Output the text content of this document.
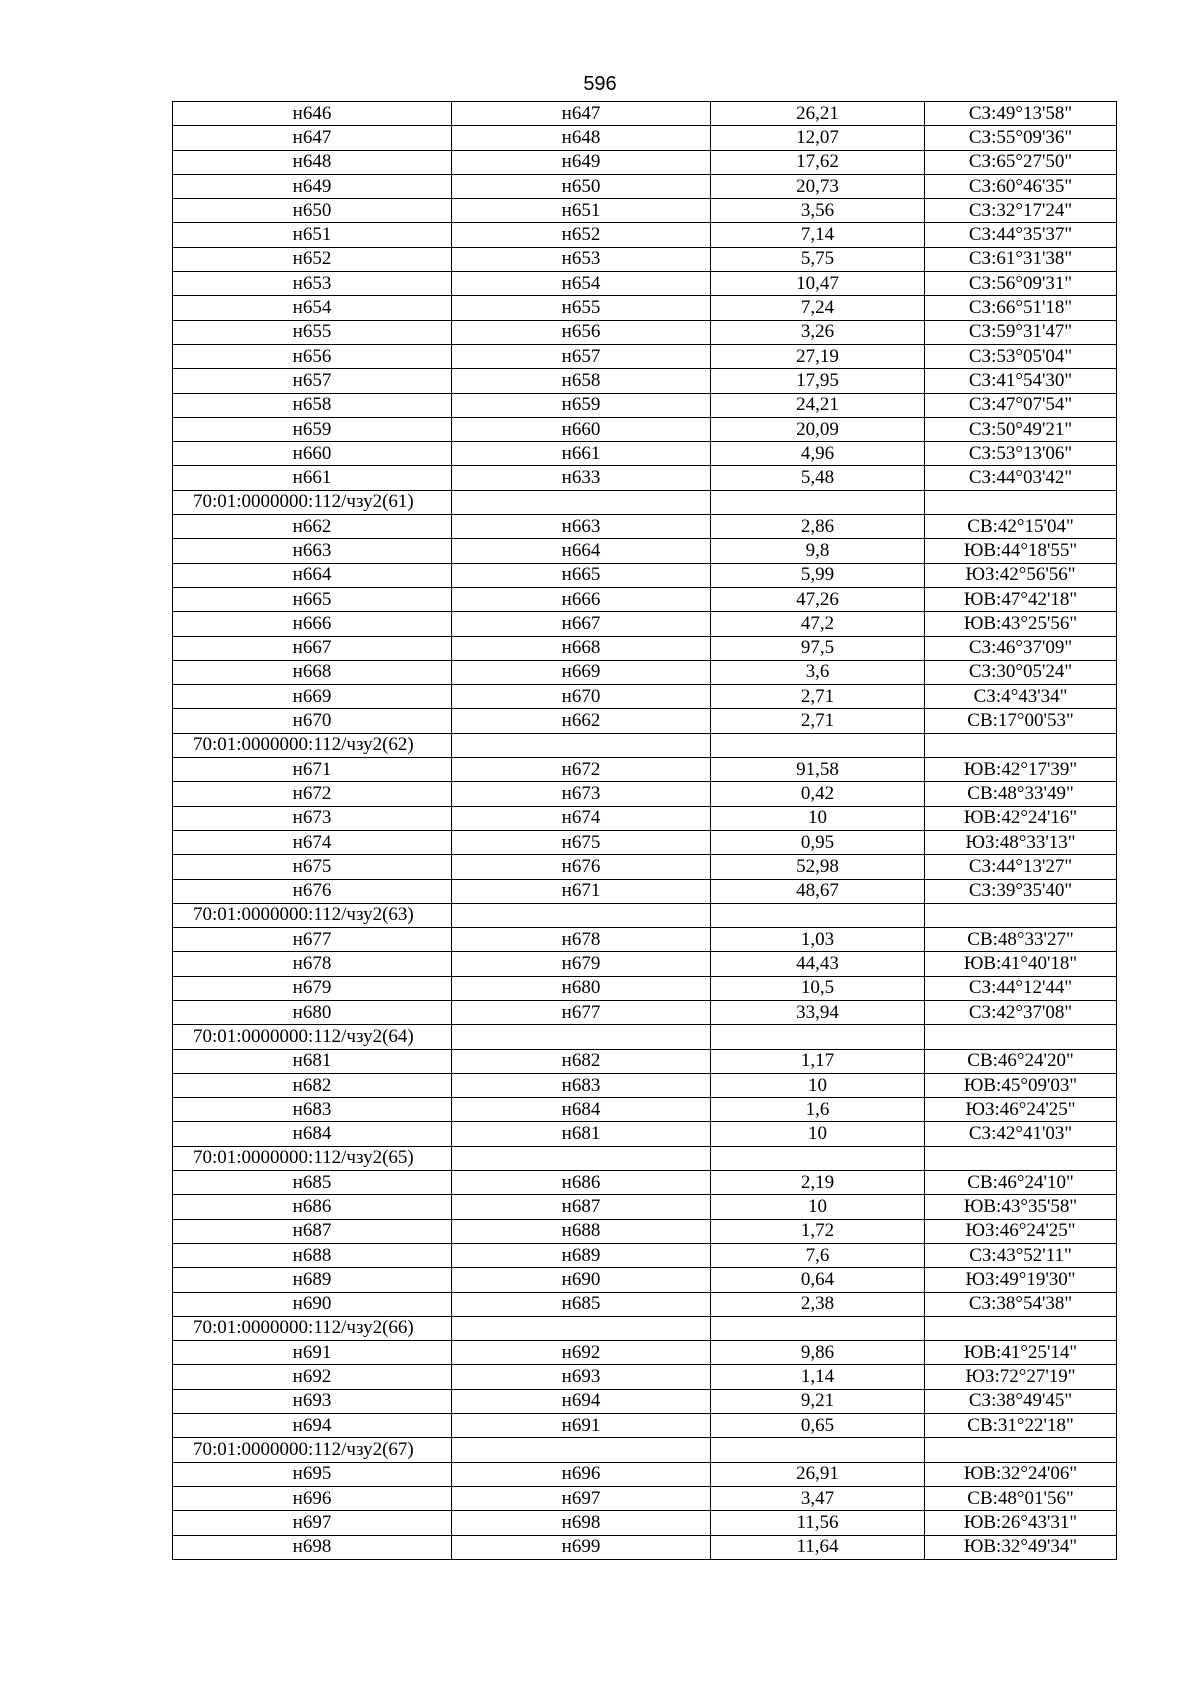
596
н646	н647	26,21	СЗ:49°13'58"
н647	н648	12,07	СЗ:55°09'36"
н648	н649	17,62	СЗ:65°27'50"
н649	н650	20,73	СЗ:60°46'35"
н650	н651	3,56	СЗ:32°17'24"
н651	н652	7,14	СЗ:44°35'37"
н652	н653	5,75	СЗ:61°31'38"
н653	н654	10,47	СЗ:56°09'31"
н654	н655	7,24	СЗ:66°51'18"
н655	н656	3,26	СЗ:59°31'47"
н656	н657	27,19	СЗ:53°05'04"
н657	н658	17,95	СЗ:41°54'30"
н658	н659	24,21	СЗ:47°07'54"
н659	н660	20,09	СЗ:50°49'21"
н660	н661	4,96	СЗ:53°13'06"
н661	н633	5,48	СЗ:44°03'42"
70:01:0000000:112/чзу2(61)			
н662	н663	2,86	СВ:42°15'04"
н663	н664	9,8	ЮВ:44°18'55"
н664	н665	5,99	ЮЗ:42°56'56"
н665	н666	47,26	ЮВ:47°42'18"
н666	н667	47,2	ЮВ:43°25'56"
н667	н668	97,5	СЗ:46°37'09"
н668	н669	3,6	СЗ:30°05'24"
н669	н670	2,71	СЗ:4°43'34"
н670	н662	2,71	СВ:17°00'53"
70:01:0000000:112/чзу2(62)			
н671	н672	91,58	ЮВ:42°17'39"
н672	н673	0,42	СВ:48°33'49"
н673	н674	10	ЮВ:42°24'16"
н674	н675	0,95	ЮЗ:48°33'13"
н675	н676	52,98	СЗ:44°13'27"
н676	н671	48,67	СЗ:39°35'40"
70:01:0000000:112/чзу2(63)			
н677	н678	1,03	СВ:48°33'27"
н678	н679	44,43	ЮВ:41°40'18"
н679	н680	10,5	СЗ:44°12'44"
н680	н677	33,94	СЗ:42°37'08"
70:01:0000000:112/чзу2(64)			
н681	н682	1,17	СВ:46°24'20"
н682	н683	10	ЮВ:45°09'03"
н683	н684	1,6	ЮЗ:46°24'25"
н684	н681	10	СЗ:42°41'03"
70:01:0000000:112/чзу2(65)			
н685	н686	2,19	СВ:46°24'10"
н686	н687	10	ЮВ:43°35'58"
н687	н688	1,72	ЮЗ:46°24'25"
н688	н689	7,6	СЗ:43°52'11"
н689	н690	0,64	ЮЗ:49°19'30"
н690	н685	2,38	СЗ:38°54'38"
70:01:0000000:112/чзу2(66)			
н691	н692	9,86	ЮВ:41°25'14"
н692	н693	1,14	ЮЗ:72°27'19"
н693	н694	9,21	СЗ:38°49'45"
н694	н691	0,65	СВ:31°22'18"
70:01:0000000:112/чзу2(67)			
н695	н696	26,91	ЮВ:32°24'06"
н696	н697	3,47	СВ:48°01'56"
н697	н698	11,56	ЮВ:26°43'31"
н698	н699	11,64	ЮВ:32°49'34"
